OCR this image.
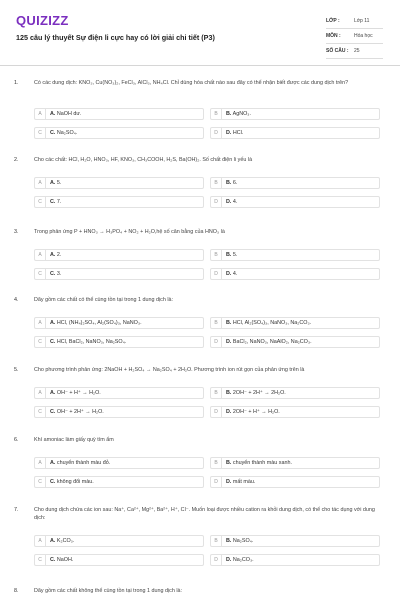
QUIZIZZ
125 câu lý thuyết Sự điện li cực hay có lời giải chi tiết (P3)
LỚP :	Lớp 11
MÔN :	Hóa học
SỐ CÂU :	25
1.	Có các dung dịch: KNO₃, Cu(NO₃)₂, FeCl₃, AlCl₃, NH₄Cl. Chỉ dùng hóa chất nào sau đây có thể nhận biết được các dung dịch trên?
A	A. NaOH dư.	B	B. AgNO₃.
C	C. Na₂SO₄.	D	D. HCl.
2.	Cho các chất: HCl, H₂O, HNO₃, HF, KNO₃, CH₃COOH, H₂S, Ba(OH)₂. Số chất điện li yếu là
A	A. 5.	B	B. 6.
C	C. 7.	D	D. 4.
3.	Trong phản ứng P + HNO₃ → H₃PO₄ + NO₂ + H₂O,hệ số cân bằng của HNO₃ là
A	A. 2.	B	B. 5.
C	C. 3.	D	D. 4.
4.	Dãy gồm các chất có thể cùng tồn tại trong 1 dung dịch là:
A	A. HCl, (NH₄)₂SO₄, Al₂(SO₄)₃, NaNO₃.	B	B. HCl, Al₂(SO₄)₃, NaNO₃, Na₂CO₃.
C	C. HCl, BaCl₂, NaNO₃, Na₂SO₄.	D	D. BaCl₂, NaNO₃, NaAlO₂, Na₂CO₃.
5.	Cho phương trình phản ứng: 2NaOH + H₂SO₄ → Na₂SO₄ + 2H₂O. Phương trình ion rút gọn của phản ứng trên là
A	A. OH⁻ + H⁺ → H₂O.	B	B. 2OH⁻ + 2H⁺ → 2H₂O.
C	C. OH⁻ + 2H⁺ → H₂O.	D	D. 2OH⁻ + H⁺ → H₂O.
6.	Khí amoniac làm giấy quỳ tím ẩm
A	A. chuyển thành màu đỏ.	B	B. chuyển thành màu xanh.
C	C. không đổi màu.	D	D. mất màu.
7.	Cho dung dịch chứa các ion sau: Na⁺, Ca²⁺, Mg²⁺, Ba²⁺, H⁺, Cl⁻. Muốn loại được nhiều cation ra khỏi dung dịch, có thể cho tác dụng với dung dịch:
A	A. K₂CO₃.	B	B. Na₂SO₄.
C	C. NaOH.	D	D. Na₂CO₃.
8.	Dãy gồm các chất không thể cùng tồn tại trong 1 dung dịch là:
